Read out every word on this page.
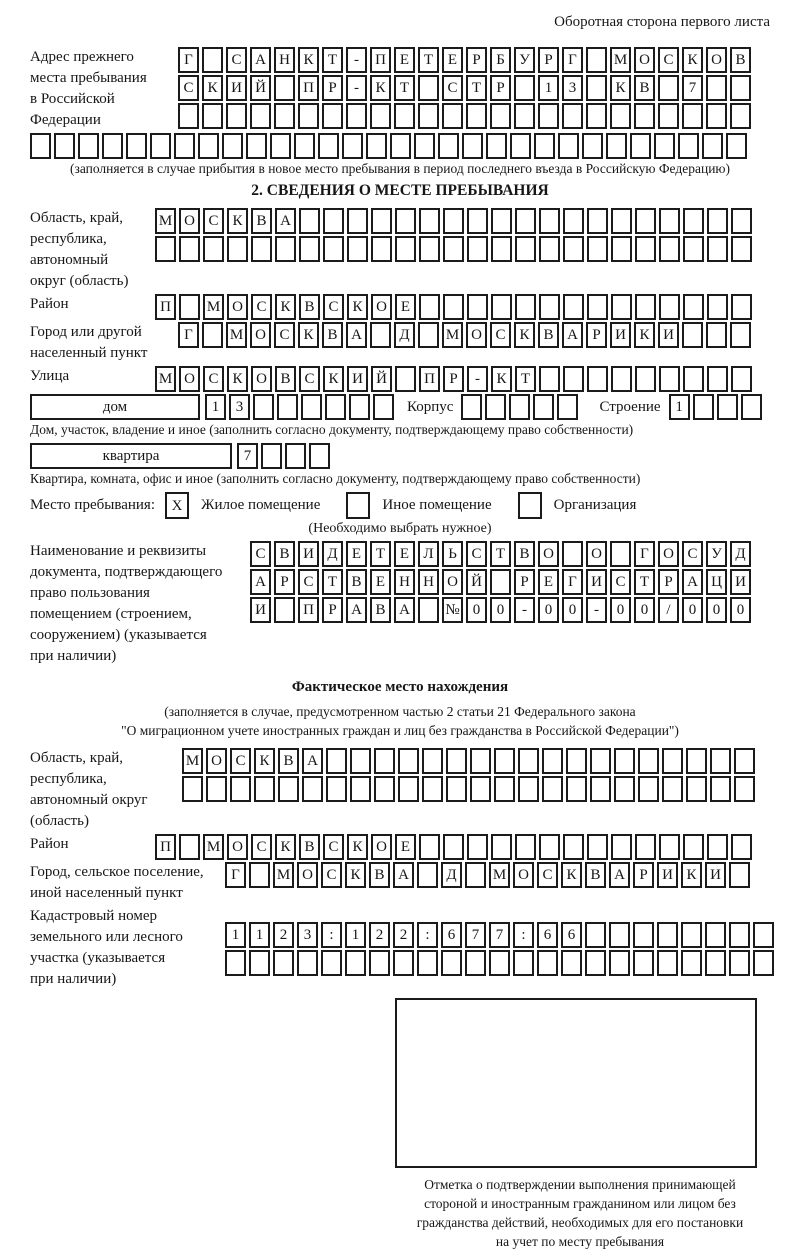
Оборотная сторона первого листа
Адрес прежнего
места пребывания
в Российской
Федерации
Г	С А Н К Т	-	П Е Т Е	Р	Б У Р	Г	М О С К О В
С К И Й	П Р	-	К Т	С Т	Р	1	3	К В	7
(заполняется в случае прибытия в новое место пребывания в период последнего въезда в Российскую Федерацию)
2. СВЕДЕНИЯ О МЕСТЕ ПРЕБЫВАНИЯ
Область, край,
республика,
автономный
округ (область)
М О С К В А
Район	П	М О С К В С К О Е
Город или другой
населенный пункт
Г	М О С К В А	Д	М О С К В А Р И К И
Улица	М О С К О В С К И Й	П Р	-	К Т
дом	1	3	Корпус	Строение 1
Дом, участок, владение и иное (заполнить согласно документу, подтверждающему право собственности)
квартира	7
Квартира, комната, офис и иное (заполнить согласно документу, подтверждающему право собственности)
Место пребывания:	X	Жилое помещение	Иное помещение	Организация
(Необходимо выбрать нужное)
Наименование и реквизиты
документа, подтверждающего
право пользования
помещением (строением,
сооружением) (указывается
при наличии)
С В И Д Е Т Е Л Ь С Т В О	О	Г О С У Д
А Р С Т В Е Н Н О Й	Р	Е	Г И С Т	Р А Ц И
И	П Р А В А	№ 0	0	-	0	0	-	0	0	/	0	0	0
Фактическое место нахождения
(заполняется в случае, предусмотренном частью 2 статьи 21 Федерального закона
"О миграционном учете иностранных граждан и лиц без гражданства в Российской Федерации")
Область, край,
республика,
автономный округ
(область)
М О С К В А
Район	П	М О С К В С К О Е
Город, сельское поселение,
иной населенный пункт
Г	М О С К В А	Д	М О С К В А Р И К И
Кадастровый номер
земельного или лесного
участка (указывается
при наличии)
1	1	2	3	:	1	2	2	:	6	7	7	:	6	6
Отметка о подтверждении выполнения принимающей
стороной и иностранным гражданином или лицом без
гражданства действий, необходимых для его постановки
на учет по месту пребывания
